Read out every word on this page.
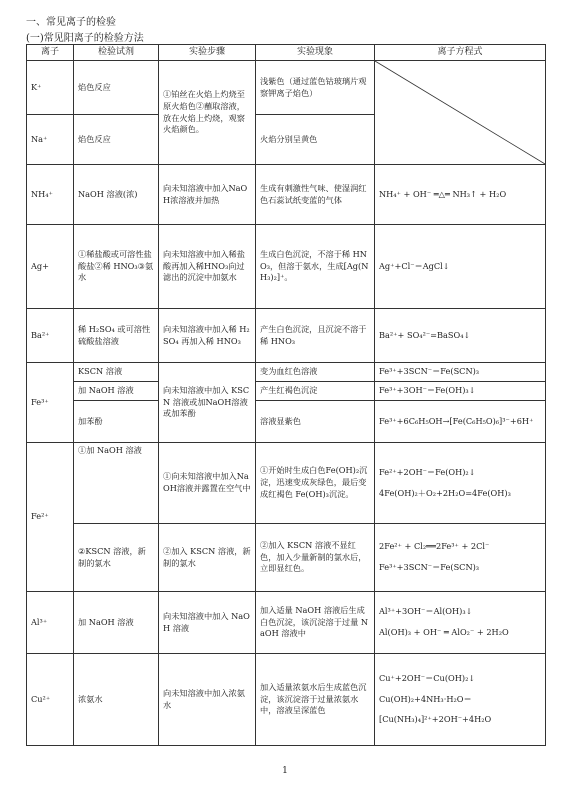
一、常见离子的检验
(一)常见阳离子的检验方法
离子	检验试剂	实验步骤	实验现象	离子方程式
K⁺	焰色反应	①铂丝在火焰上灼烧至原火焰色②蘸取溶液，放在火焰上灼烧，观察火焰颜色。	浅紫色（通过蓝色钴玻璃片观察钾离子焰色）	

Na⁺	焰色反应		火焰分别呈黄色	
NH₄⁺	NaOH 溶液(浓)	向未知溶液中加入NaOH浓溶液并加热	生成有刺激性气味、使湿润红色石蕊试纸变蓝的气体	NH₄⁺ + OH⁻ ═△═ NH₃↑ + H₂O
Ag+	①稀盐酸或可溶性盐酸盐②稀 HNO₃③氨水	向未知溶液中加入稀盐酸再加入稀HNO₃向过滤出的沉淀中加氨水	生成白色沉淀，不溶于稀 HNO₃，但溶于氨水，生成[Ag(NH₃)₂]⁺。	Ag⁺+Cl⁻＝AgCl↓
Ba²⁺	稀 H₂SO₄ 或可溶性硫酸盐溶液	向未知溶液中加入稀 H₂SO₄ 再加入稀 HNO₃	产生白色沉淀，且沉淀不溶于稀 HNO₃	Ba²⁺+ SO₄²⁻=BaSO₄↓
Fe³⁺	KSCN 溶液	向未知溶液中加入 KSCN 溶液或加NaOH溶液或加苯酚	变为血红色溶液	Fe³⁺+3SCN⁻＝Fe(SCN)₃
	加 NaOH 溶液		产生红褐色沉淀	Fe³⁺+3OH⁻＝Fe(OH)₃↓
	加苯酚		溶液显紫色	Fe³⁺+6C₆H₅OH→[Fe(C₆H₅O)₆]³⁻+6H⁺
Fe²⁺	①加 NaOH 溶液	①向未知溶液中加入NaOH溶液并露置在空气中	①开始时生成白色Fe(OH)₂沉淀，迅速变成灰绿色，最后变成红褐色 Fe(OH)₃沉淀。	Fe²⁺+2OH⁻＝Fe(OH)₂↓
4Fe(OH)₂＋O₂+2H₂O=4Fe(OH)₃

	②KSCN 溶液，新制的氯水	②加入 KSCN 溶液，新制的氯水	②加入 KSCN 溶液不显红色，加入少量新制的氯水后，立即显红色。	2Fe²⁺ + Cl₂══2Fe³⁺ + 2Cl⁻
Fe³⁺+3SCN⁻＝Fe(SCN)₃

Al³⁺	加 NaOH 溶液	向未知溶液中加入 NaOH 溶液	加入适量 NaOH 溶液后生成白色沉淀，该沉淀溶于过量 NaOH 溶液中	Al³⁺+3OH⁻＝Al(OH)₃↓
Al(OH)₃ + OH⁻ ═ AlO₂⁻ + 2H₂O

Cu²⁺	浓氨水	向未知溶液中加入浓氨水	加入适量浓氨水后生成蓝色沉淀，该沉淀溶于过量浓氨水中，溶液呈深蓝色	Cu⁺+2OH⁻＝Cu(OH)₂↓
Cu(OH)₂+4NH₃·H₂O＝
[Cu(NH₃)₄]²⁺+2OH⁻+4H₂O
1
